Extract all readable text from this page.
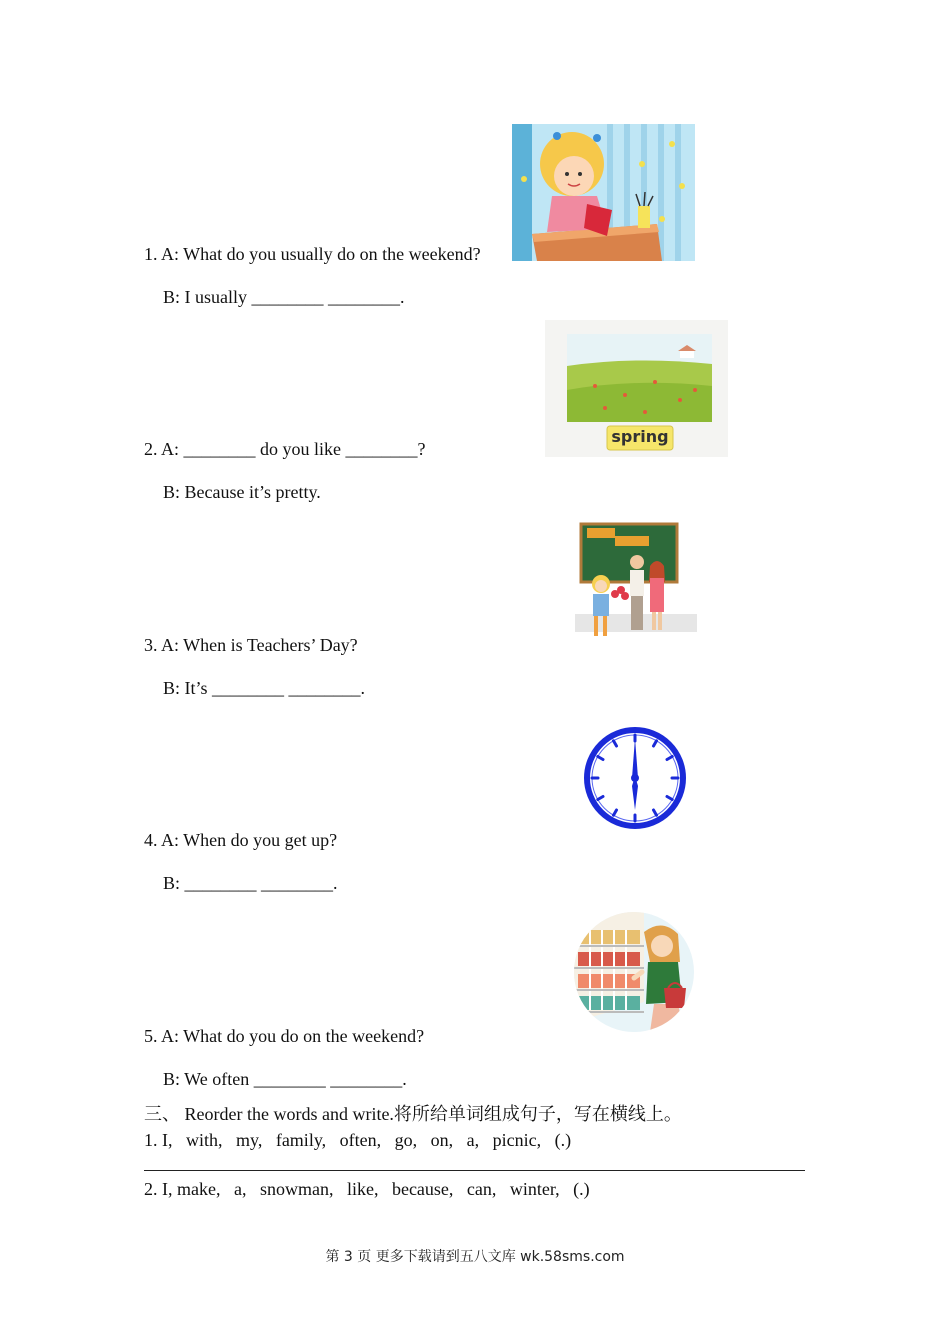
1. A: What do you usually do on the weekend?
B: I usually ________ ________.
spring
2. A: ________ do you like ________?
B: Because it’s pretty.
3. A: When is Teachers’ Day?
B: It’s ________ ________.
4. A: When do you get up?
B: ________ ________.
5. A: What do you do on the weekend?
B: We often ________ ________.
三、 Reorder the words and write.将所给单词组成句子，写在横线上。
1. I,   with,   my,   family,   often,   go,   on,   a,   picnic,   (.)
2. I, make,   a,   snowman,   like,   because,   can,   winter,   (.)
第 3 页 更多下载请到五八文库 wk.58sms.com
